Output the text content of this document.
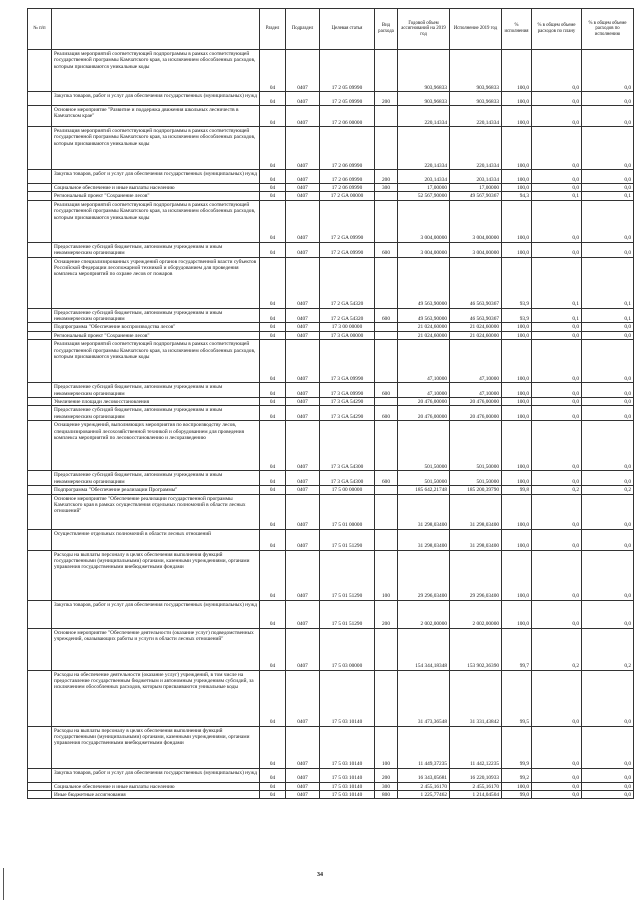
№ п/п		Раздел	Подраздел	Целевая статья	Вид расхода	Годовой объем ассигнований на 2019 год	Исполнение 2019 год	% исполнения	% в общем объеме расходов по плану	% в общем объеме расходов по исполнению
	Реализация мероприятий соответствующей подпрограммы в рамках соответствующей государственной программы Камчатского края, за исключением обособленных расходов, которым присваиваются уникальные коды	04	0407	17 2 05 09990		903,96833	903,96833	100,0	0,0	0,0
	Закупка товаров, работ и услуг для обеспечения государственных (муниципальных) нужд	04	0407	17 2 05 09990	200	903,96833	903,96833	100,0	0,0	0,0
	Основное мероприятие "Развитие и поддержка движения школьных лесничеств в Камчатском крае"	04	0407	17 2 06 00000		220,14334	220,14334	100,0	0,0	0,0
	Реализация мероприятий соответствующей подпрограммы в рамках соответствующей государственной программы Камчатского края, за исключением обособленных расходов, которым присваиваются уникальные коды	04	0407	17 2 06 09990		220,14334	220,14334	100,0	0,0	0,0
	Закупка товаров, работ и услуг для обеспечения государственных (муниципальных) нужд	04	0407	17 2 06 09990	200	203,14334	203,14334	100,0	0,0	0,0
	Социальное обеспечение и иные выплаты населению	04	0407	17 2 06 09990	300	17,00000	17,00000	100,0	0,0	0,0
	Региональный проект "Сохранение лесов"	04	0407	17 2 GA 00000		52 567,90000	49 567,90367	94,3	0,1	0,1
	Реализация мероприятий соответствующей подпрограммы в рамках соответствующей государственной программы Камчатского края, за исключением обособленных расходов, которым присваиваются уникальные коды	04	0407	17 2 GA 09990		3 004,00000	3 004,00000	100,0	0,0	0,0
	Предоставление субсидий бюджетным, автономным учреждениям и иным некоммерческим организациям	04	0407	17 2 GA 09990	600	3 004,00000	3 004,00000	100,0	0,0	0,0
	Оснащение специализированных учреждений органов государственной власти субъектов Российской Федерации лесопожарной техникой и оборудованием для проведения комплекса мероприятий по охране лесов от пожаров	04	0407	17 2 GA 54320		49 563,90000	46 563,90367	93,9	0,1	0,1
	Предоставление субсидий бюджетным, автономным учреждениям и иным некоммерческим организациям	04	0407	17 2 GA 54320	600	49 563,90000	46 563,90367	93,9	0,1	0,1
	Подпрограмма "Обеспечение воспроизводства лесов"	04	0407	17 3 00 00000		21 024,60000	21 024,60000	100,0	0,0	0,0
	Региональный проект "Сохранение лесов"	04	0407	17 3 GA 00000		21 024,60000	21 024,60000	100,0	0,0	0,0
	Реализация мероприятий соответствующей подпрограммы в рамках соответствующей государственной программы Камчатского края, за исключением обособленных расходов, которым присваиваются уникальные коды	04	0407	17 3 GA 09990		47,10000	47,10000	100,0	0,0	0,0
	Предоставление субсидий бюджетным, автономным учреждениям и иным некоммерческим организациям	04	0407	17 3 GA 09990	600	47,10000	47,10000	100,0	0,0	0,0
	Увеличение площади лесовосстановления	04	0407	17 3 GA 54290		20 476,00000	20 476,00000	100,0	0,0	0,0
	Предоставление субсидий бюджетным, автономным учреждениям и иным некоммерческим организациям	04	0407	17 3 GA 54290	600	20 476,00000	20 476,00000	100,0	0,0	0,0
	Оснащение учреждений, выполняющих мероприятия по воспроизводству лесов, специализированной лесохозяйственной техникой и оборудованием для проведения комплекса мероприятий по лесовосстановлению и лесоразведению	04	0407	17 3 GA 54300		501,50000	501,50000	100,0	0,0	0,0
	Предоставление субсидий бюджетным, автономным учреждениям и иным некоммерческим организациям	04	0407	17 3 GA 54300	600	501,50000	501,50000	100,0	0,0	0,0
	Подпрограмма "Обеспечение реализации Программы"	04	0407	17 5 00 00000		185 642,21748	185 200,39790	99,8	0,2	0,2
	Основное мероприятие "Обеспечение реализации государственной программы Камчатского края в рамках осуществления отдельных полномочий в области лесных отношений"	04	0407	17 5 01 00000		31 298,03400	31 298,03400	100,0	0,0	0,0
	Осуществление отдельных полномочий в области лесных отношений	04	0407	17 5 01 51290		31 298,03400	31 298,03400	100,0	0,0	0,0
	Расходы на выплаты персоналу в целях обеспечения выполнения функций государственными (муниципальными) органами, казенными учреждениями, органами управления государственными внебюджетными фондами	04	0407	17 5 01 51290	100	29 296,03400	29 296,03400	100,0	0,0	0,0
	Закупка товаров, работ и услуг для обеспечения государственных (муниципальных) нужд	04	0407	17 5 01 51290	200	2 002,00000	2 002,00000	100,0	0,0	0,0
	Основное мероприятие "Обеспечение деятельности (оказание услуг) подведомственных учреждений, оказывающих работы и услуги в области лесных отношений"	04	0407	17 5 03 00000		154 344,18348	153 902,36390	99,7	0,2	0,2
	Расходы на обеспечение деятельности (оказание услуг) учреждений, в том числе на предоставление государственным бюджетным и автономным учреждениям субсидий, за исключением обособленных расходов, которым присваиваются уникальные коды	04	0407	17 5 03 10140		31 473,36548	31 331,43842	99,5	0,0	0,0
	Расходы на выплаты персоналу в целях обеспечения выполнения функций государственными (муниципальными) органами, казенными учреждениями, органами управления государственными внебюджетными фондами	04	0407	17 5 03 10140	100	11 449,37235	11 442,12235	99,9	0,0	0,0
	Закупка товаров, работ и услуг для обеспечения государственных (муниципальных) нужд	04	0407	17 5 03 10140	200	16 343,05681	16 220,10933	99,2	0,0	0,0
	Социальное обеспечение и иные выплаты населению	04	0407	17 5 03 10140	300	2 455,16170	2 455,16170	100,0	0,0	0,0
	Иные бюджетные ассигнования	04	0407	17 5 03 10140	800	1 225,77462	1 214,04504	99,0	0,0	0,0
34
